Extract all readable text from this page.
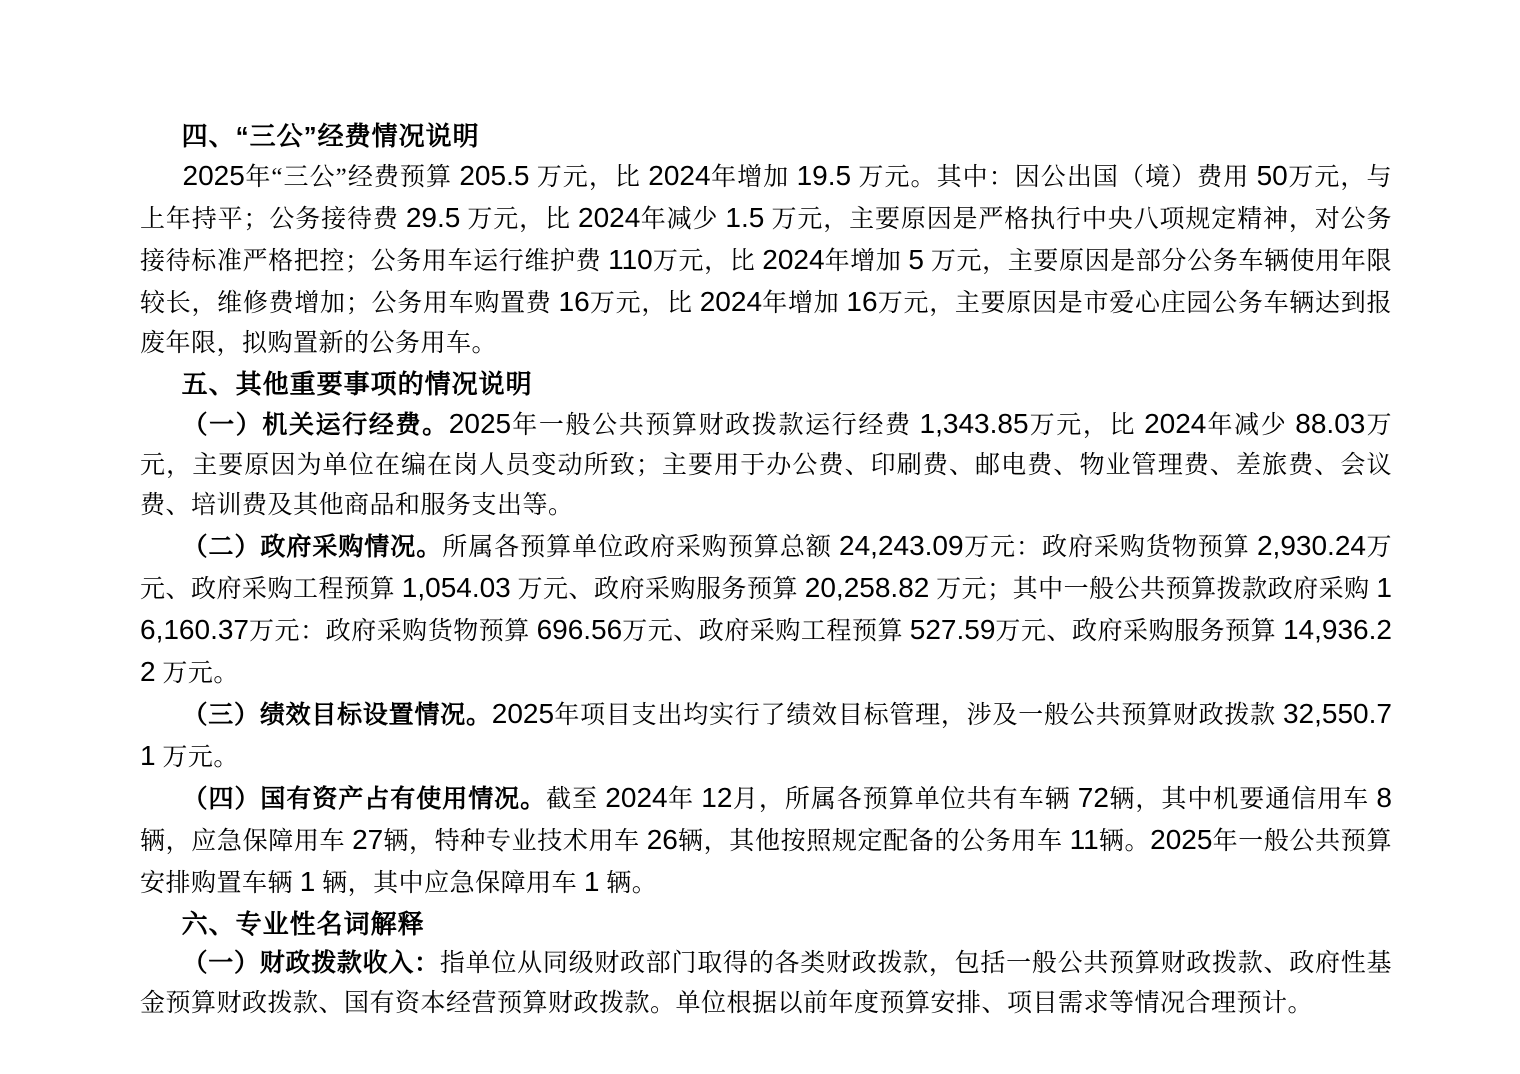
四、“三公”经费情况说明

2025年“三公”经费预算 205.5 万元，比 2024年增加 19.5 万元。其中：因公出国（境）费用 50万元，与上年持平；公务接待费 29.5 万元，比 2024年减少 1.5 万元，主要原因是严格执行中央八项规定精神，对公务接待标准严格把控；公务用车运行维护费 110万元，比 2024年增加 5 万元，主要原因是部分公务车辆使用年限较长，维修费增加；公务用车购置费 16万元，比 2024年增加 16万元，主要原因是市爱心庄园公务车辆达到报废年限，拟购置新的公务用车。

五、其他重要事项的情况说明

（一）机关运行经费。2025年一般公共预算财政拨款运行经费 1,343.85万元，比 2024年减少 88.03万元，主要原因为单位在编在岗人员变动所致；主要用于办公费、印刷费、邮电费、物业管理费、差旅费、会议费、培训费及其他商品和服务支出等。

（二）政府采购情况。所属各预算单位政府采购预算总额 24,243.09万元：政府采购货物预算 2,930.24万元、政府采购工程预算 1,054.03 万元、政府采购服务预算 20,258.82 万元；其中一般公共预算拨款政府采购 16,160.37万元：政府采购货物预算 696.56万元、政府采购工程预算 527.59万元、政府采购服务预算 14,936.22 万元。

（三）绩效目标设置情况。2025年项目支出均实行了绩效目标管理，涉及一般公共预算财政拨款 32,550.71 万元。

（四）国有资产占有使用情况。截至 2024年 12月，所属各预算单位共有车辆 72辆，其中机要通信用车 8 辆，应急保障用车 27辆，特种专业技术用车 26辆，其他按照规定配备的公务用车 11辆。2025年一般公共预算安排购置车辆 1 辆，其中应急保障用车 1 辆。

六、专业性名词解释

（一）财政拨款收入：指单位从同级财政部门取得的各类财政拨款，包括一般公共预算财政拨款、政府性基金预算财政拨款、国有资本经营预算财政拨款。单位根据以前年度预算安排、项目需求等情况合理预计。
